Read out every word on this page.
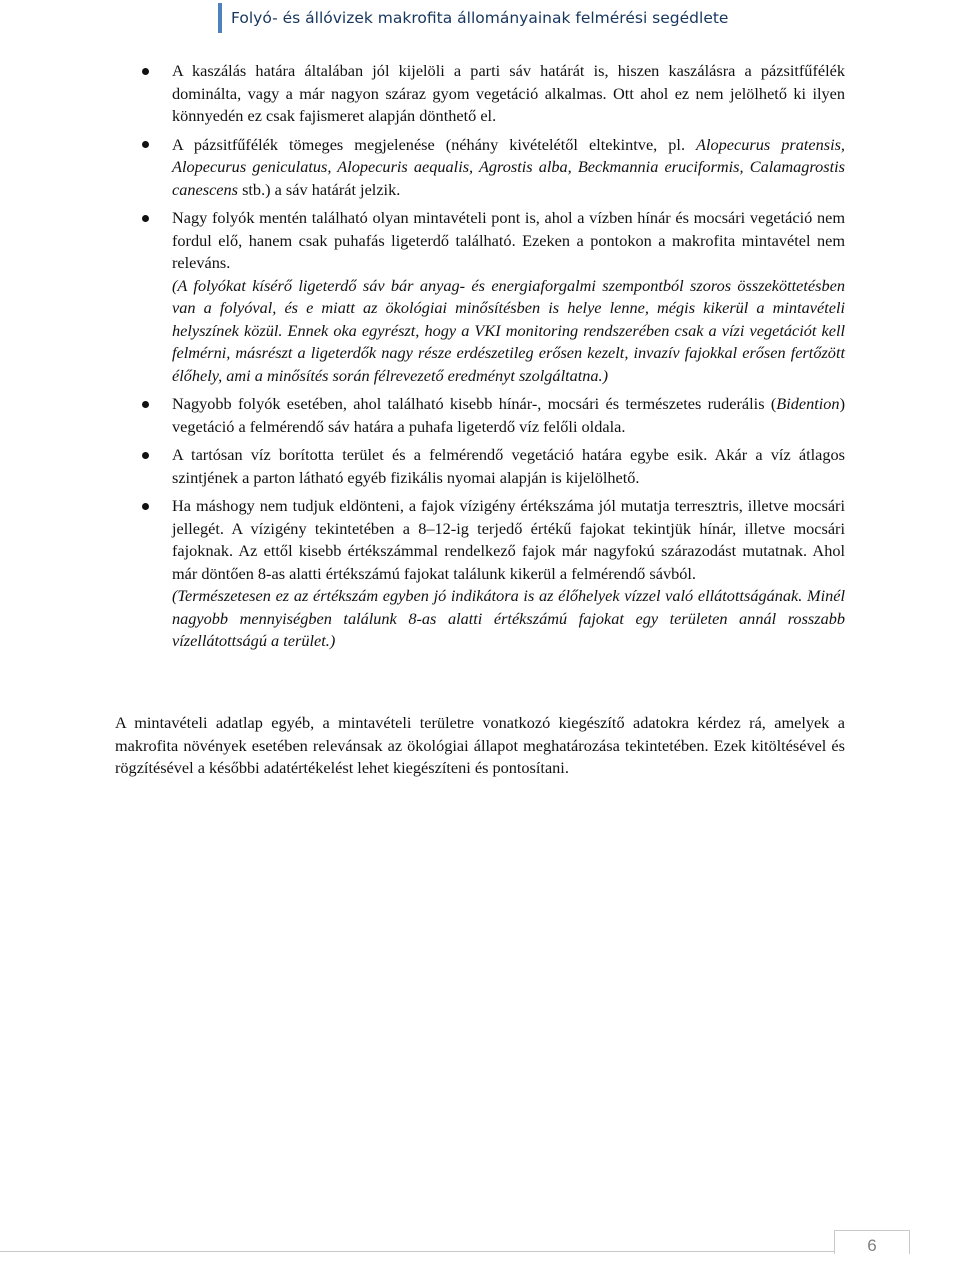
Folyó- és állóvizek makrofita állományainak felmérési segédlete

A kaszálás határa általában jól kijelöli a parti sáv határát is, hiszen kaszálásra a pázsitfűfélék dominálta, vagy a már nagyon száraz gyom vegetáció alkalmas. Ott ahol ez nem jelölhető ki ilyen könnyedén ez csak fajismeret alapján dönthető el.

A pázsitfűfélék tömeges megjelenése (néhány kivételétől eltekintve, pl. Alopecurus pratensis, Alopecurus geniculatus, Alopecuris aequalis, Agrostis alba, Beckmannia eruciformis, Calamagrostis canescens stb.) a sáv határát jelzik.

Nagy folyók mentén található olyan mintavételi pont is, ahol a vízben hínár és mocsári vegetáció nem fordul elő, hanem csak puhafás ligeterdő található. Ezeken a pontokon a makrofita mintavétel nem releváns.

(A folyókat kísérő ligeterdő sáv bár anyag- és energiaforgalmi szempontból szoros összeköttetésben van a folyóval, és e miatt az ökológiai minősítésben is helye lenne, mégis kikerül a mintavételi helyszínek közül. Ennek oka egyrészt, hogy a VKI monitoring rendszerében csak a vízi vegetációt kell felmérni, másrészt a ligeterdők nagy része erdészetileg erősen kezelt, invazív fajokkal erősen fertőzött élőhely, ami a minősítés során félrevezető eredményt szolgáltatna.)

Nagyobb folyók esetében, ahol található kisebb hínár-, mocsári és természetes ruderális (Bidention) vegetáció a felmérendő sáv határa a puhafa ligeterdő víz felőli oldala.

A tartósan víz borította terület és a felmérendő vegetáció határa egybe esik. Akár a víz átlagos szintjének a parton látható egyéb fizikális nyomai alapján is kijelölhető.

Ha máshogy nem tudjuk eldönteni, a fajok vízigény értékszáma jól mutatja terresztris, illetve mocsári jellegét. A vízigény tekintetében a 8–12-ig terjedő értékű fajokat tekintjük hínár, illetve mocsári fajoknak. Az ettől kisebb értékszámmal rendelkező fajok már nagyfokú szárazodást mutatnak. Ahol már döntően 8-as alatti értékszámú fajokat találunk kikerül a felmérendő sávból.

(Természetesen ez az értékszám egyben jó indikátora is az élőhelyek vízzel való ellátottságának. Minél nagyobb mennyiségben találunk 8-as alatti értékszámú fajokat egy területen annál rosszabb vízellátottságú a terület.)

A mintavételi adatlap egyéb, a mintavételi területre vonatkozó kiegészítő adatokra kérdez rá, amelyek a makrofita növények esetében relevánsak az ökológiai állapot meghatározása tekintetében. Ezek kitöltésével és rögzítésével a későbbi adatértékelést lehet kiegészíteni és pontosítani.

6
